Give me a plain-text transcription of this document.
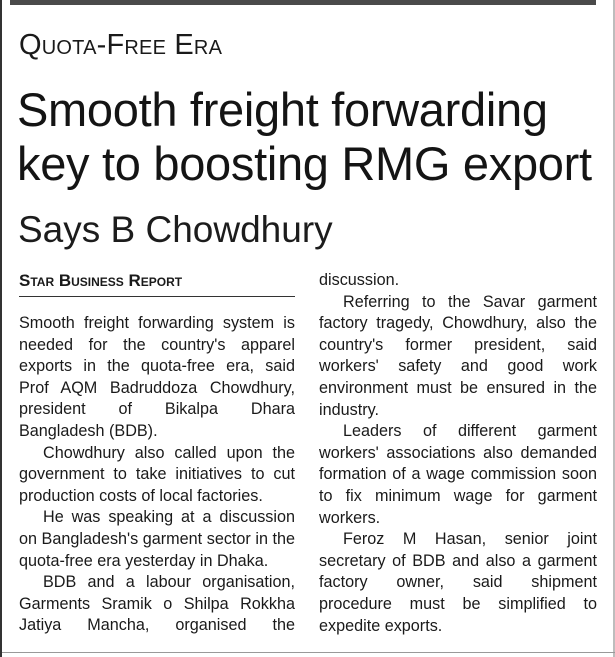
Quota-Free Era
Smooth freight forwarding
key to boosting RMG export
Says B Chowdhury
Star Business Report

Smooth freight forwarding system is needed for the country's apparel exports in the quota-free era, said Prof AQM Badruddoza Chowdhury, president of Bikalpa Dhara Bangladesh (BDB).

Chowdhury also called upon the government to take initiatives to cut production costs of local factories.

He was speaking at a discussion on Bangladesh's garment sector in the quota-free era yesterday in Dhaka.

BDB and a labour organisation, Garments Sramik o Shilpa Rokkha Jatiya Mancha, organised the

discussion.

Referring to the Savar garment factory tragedy, Chowdhury, also the country's former president, said workers' safety and good work environment must be ensured in the industry.

Leaders of different garment workers' associations also demanded formation of a wage commission soon to fix minimum wage for garment workers.

Feroz M Hasan, senior joint secretary of BDB and also a garment factory owner, said shipment procedure must be simplified to expedite exports.
